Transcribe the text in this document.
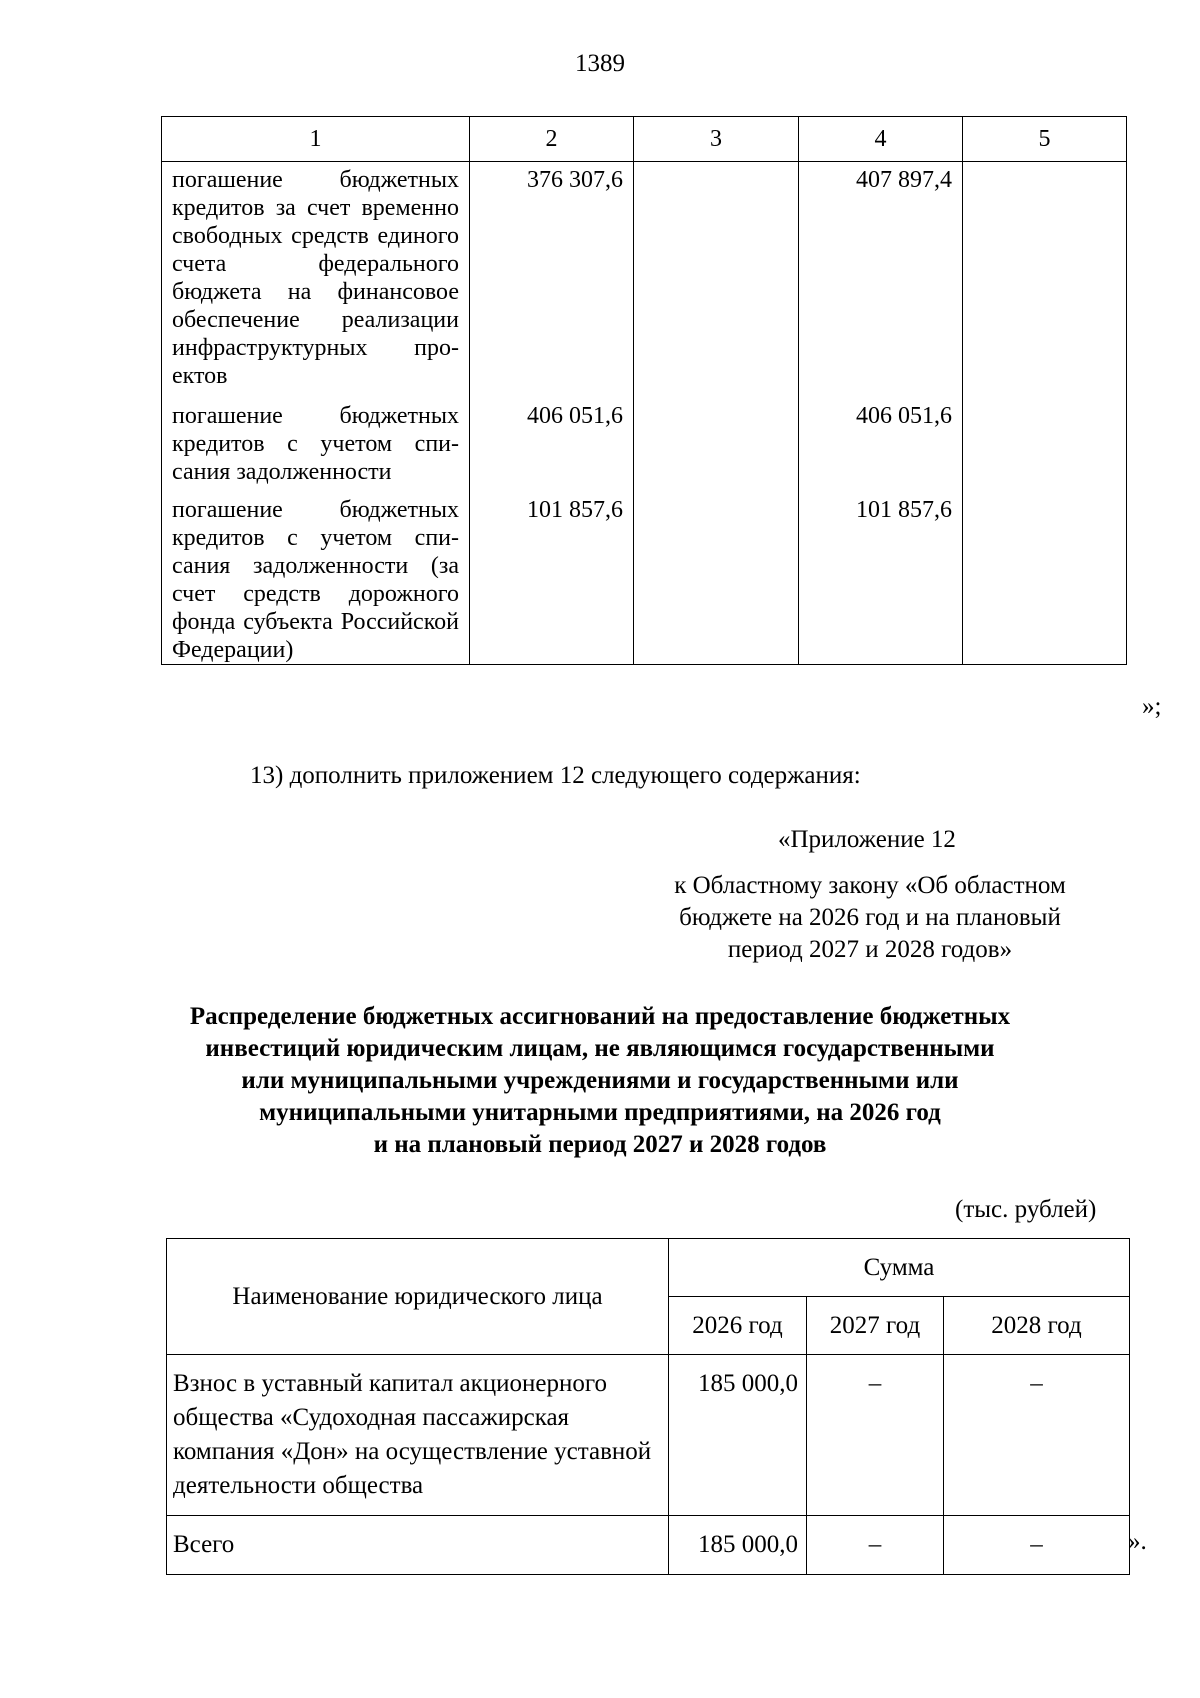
1389
1	2	3	4	5
погашение бюджетных кредитов за счет временно свободных средств единого счета федерального бюджета на финансовое обеспечение реализации инфраструктурных проектов	376 307,6		407 897,4	
погашение бюджетных кредитов с учетом списания задолженности	406 051,6		406 051,6	
погашение бюджетных кредитов с учетом списания задолженности (за счет средств дорожного фонда субъекта Российской Федерации)	101 857,6		101 857,6	
»;
13) дополнить приложением 12 следующего содержания:
«Приложение 12
к Областному закону «Об областном
бюджете на 2026 год и на плановый
период 2027 и 2028 годов»
Распределение бюджетных ассигнований на предоставление бюджетных
инвестиций юридическим лицам, не являющимся государственными
или муниципальными учреждениями и государственными или
муниципальными унитарными предприятиями, на 2026 год
и на плановый период 2027 и 2028 годов
(тыс. рублей)
Наименование юридического лица	Сумма		
	2026 год	2027 год	2028 год
Взнос в уставный капитал акционерного общества «Судоходная пассажирская компания «Дон» на осуществление уставной деятельности общества	185 000,0	–	–
Всего	185 000,0	–	–	».
